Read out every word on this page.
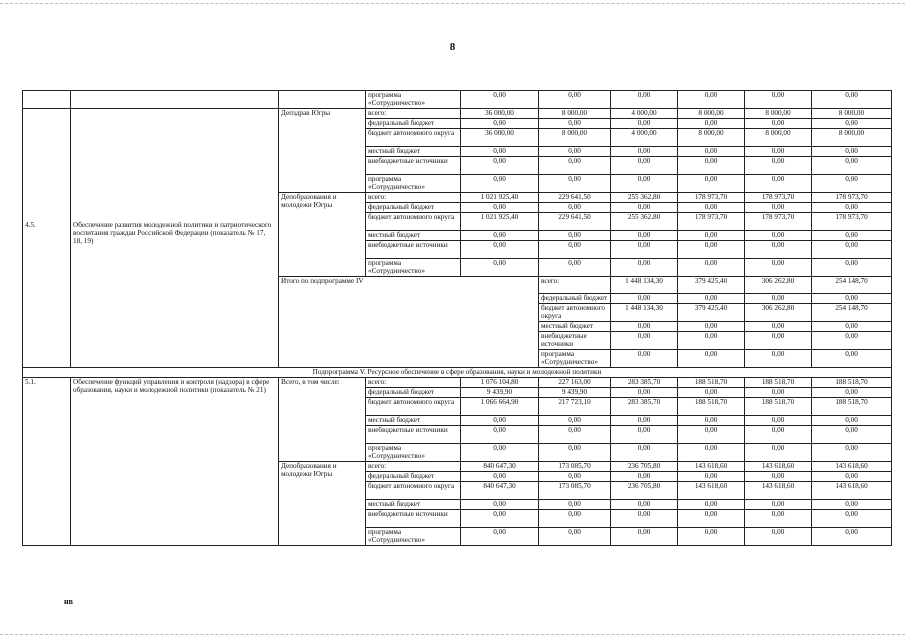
8
			программа «Сотрудничество»	0,00	0,00	0,00	0,00	0,00	0,00	

4.5.	Обеспечение развития молодежной политики и патриотического воспитания граждан Российской Федерации (показатель № 17, 18, 19)	Депздрав Югры	всего:	36 000,00	8 000,00	4 000,00	8 000,00	8 000,00	8 000,00	
			федеральный бюджет	0,00	0,00	0,00	0,00	0,00	0,00	
			бюджет автономного округа	36 000,00	8 000,00	4 000,00	8 000,00	8 000,00	8 000,00	
			местный бюджет	0,00	0,00	0,00	0,00	0,00	0,00	
			внебюджетные источники	0,00	0,00	0,00	0,00	0,00	0,00	
			программа «Сотрудничество»	0,00	0,00	0,00	0,00	0,00	0,00	
		Депобразования и молодежи Югры	всего:	1 021 925,40	229 641,50	255 362,80	178 973,70	178 973,70	178 973,70	
			федеральный бюджет	0,00	0,00	0,00	0,00	0,00	0,00	
			бюджет автономного округа	1 021 925,40	229 641,50	255 362,80	178 973,70	178 973,70	178 973,70	
			местный бюджет	0,00	0,00	0,00	0,00	0,00	0,00	
			внебюджетные источники	0,00	0,00	0,00	0,00	0,00	0,00	
			программа «Сотрудничество»	0,00	0,00	0,00	0,00	0,00	0,00	
		Итого по подпрограмме IV			всего:	1 448 134,30	379 425,40	306 262,80	254 148,70		
					федеральный бюджет	0,00	0,00	0,00	0,00		
					бюджет автономного округа	1 448 134,30	379 425,40	306 262,80	254 148,70		
					местный бюджет	0,00	0,00	0,00	0,00		
					внебюджетные источники	0,00	0,00	0,00	0,00		
					программа «Сотрудничество»	0,00	0,00	0,00	0,00		
Подпрограмма V. Ресурсное обеспечение в сфере образования, науки и молодежной политики										
5.1.	Обеспечение функций управления и контроля (надзора) в сфере образования, науки и молодежной политики (показатель № 21)	Всего, в том числе:	всего:	1 076 104,80	227 163,00	283 385,70	188 518,70	188 518,70	188 518,70	
			федеральный бюджет	9 439,90	9 439,90	0,00	0,00	0,00	0,00	
			бюджет автономного округа	1 066 664,90	217 723,10	283 385,70	188 518,70	188 518,70	188 518,70	
			местный бюджет	0,00	0,00	0,00	0,00	0,00	0,00	
			внебюджетные источники	0,00	0,00	0,00	0,00	0,00	0,00	
			программа «Сотрудничество»	0,00	0,00	0,00	0,00	0,00	0,00	
		Депобразования и молодежи Югры	всего:	840 647,30	173 085,70	236 705,80	143 618,60	143 618,60	143 618,60	
			федеральный бюджет	0,00	0,00	0,00	0,00	0,00	0,00	
			бюджет автономного округа	840 647,30	173 085,70	236 705,80	143 618,60	143 618,60	143 618,60	
			местный бюджет	0,00	0,00	0,00	0,00	0,00	0,00	
			внебюджетные источники	0,00	0,00	0,00	0,00	0,00	0,00	
			программа «Сотрудничество»	0,00	0,00	0,00	0,00	0,00	0,00	
нв
